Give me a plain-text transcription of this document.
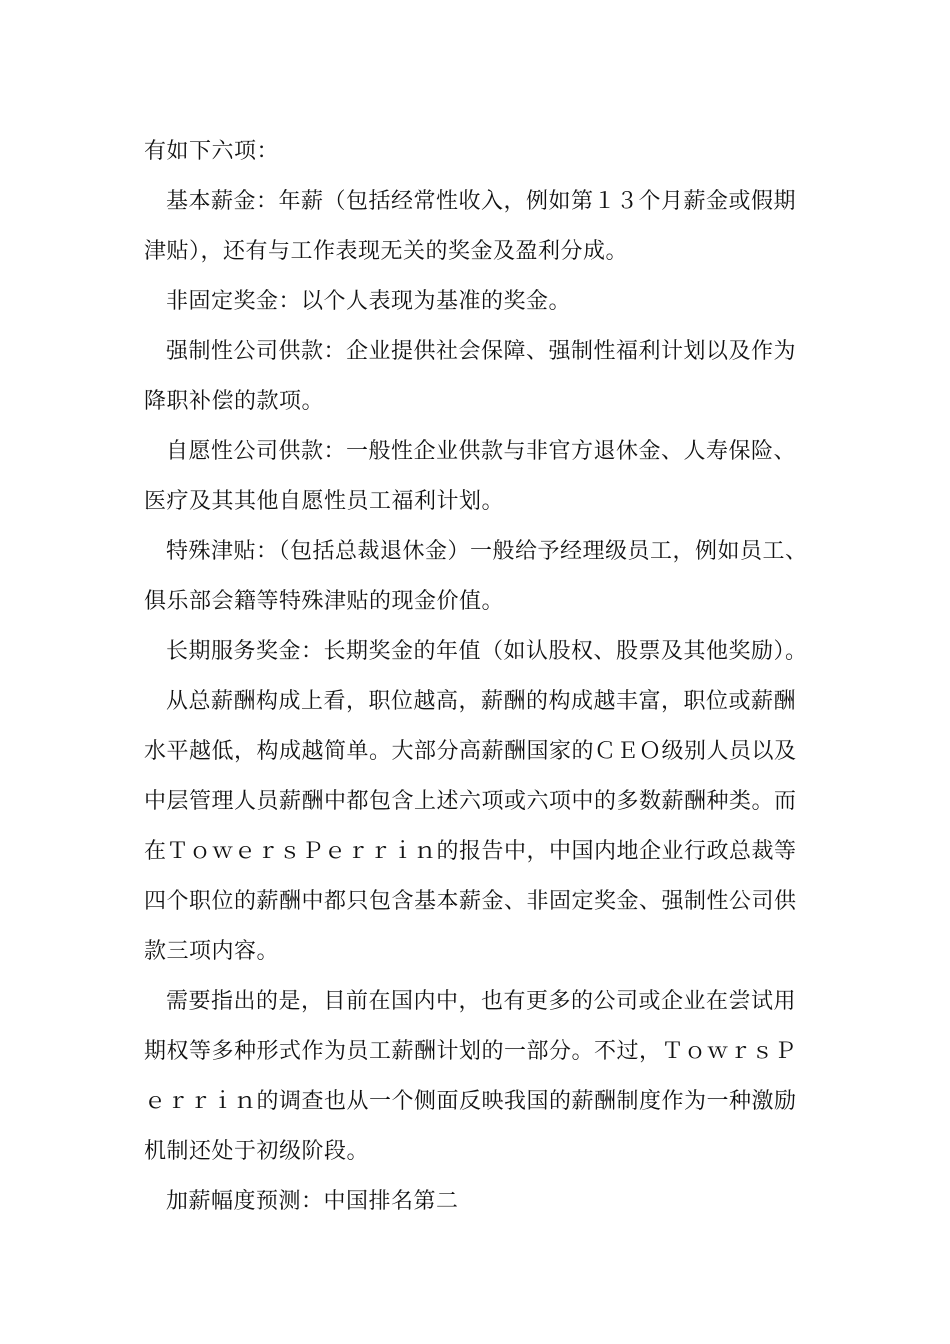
有如下六项：
基本薪金：年薪（包括经常性收入，例如第１３个月薪金或假期
津贴），还有与工作表现无关的奖金及盈利分成。
非固定奖金：以个人表现为基准的奖金。
强制性公司供款：企业提供社会保障、强制性福利计划以及作为
降职补偿的款项。
自愿性公司供款：一般性企业供款与非官方退休金、人寿保险、
医疗及其其他自愿性员工福利计划。
特殊津贴：（包括总裁退休金）一般给予经理级员工，例如员工、
俱乐部会籍等特殊津贴的现金价值。
长期服务奖金：长期奖金的年值（如认股权、股票及其他奖励）。
从总薪酬构成上看，职位越高，薪酬的构成越丰富，职位或薪酬
水平越低，构成越简单。大部分高薪酬国家的ＣＥＯ级别人员以及
中层管理人员薪酬中都包含上述六项或六项中的多数薪酬种类。而
在ＴｏｗｅｒｓＰｅｒｒｉｎ的报告中，中国内地企业行政总裁等
四个职位的薪酬中都只包含基本薪金、非固定奖金、强制性公司供
款三项内容。
需要指出的是，目前在国内中，也有更多的公司或企业在尝试用
期权等多种形式作为员工薪酬计划的一部分。不过，ＴｏｗｒｓＰ
ｅｒｒｉｎ的调查也从一个侧面反映我国的薪酬制度作为一种激励
机制还处于初级阶段。
加薪幅度预测：中国排名第二
